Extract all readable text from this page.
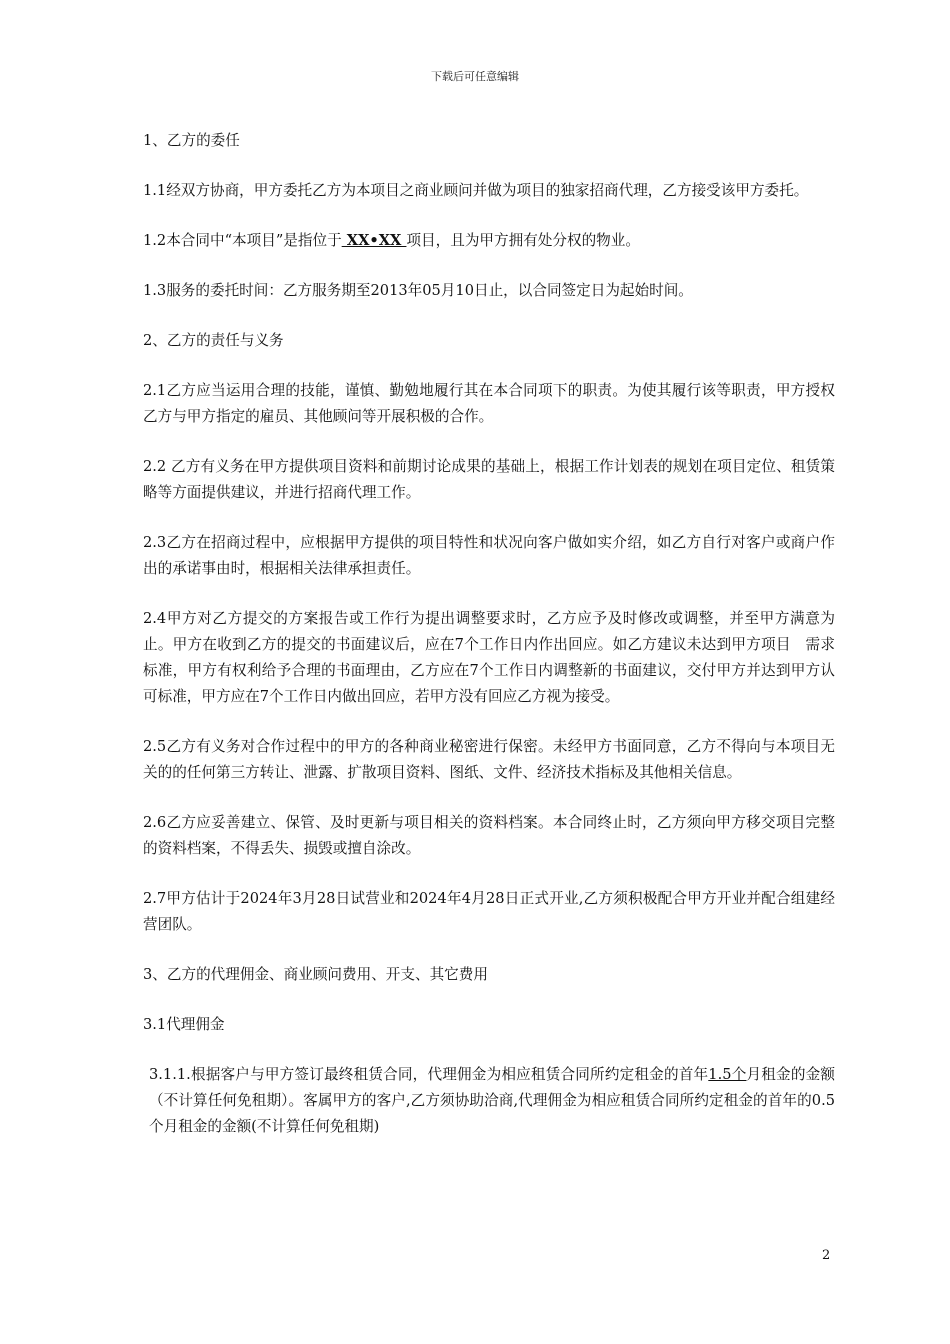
下载后可任意编辑

1、乙方的委任

1.1经双方协商，甲方委托乙方为本项目之商业顾问并做为项目的独家招商代理，乙方接受该甲方委托。

1.2本合同中“本项目”是指位于 XX•XX 项目，且为甲方拥有处分权的物业。

1.3服务的委托时间：乙方服务期至2013年05月10日止，以合同签定日为起始时间。

2、乙方的责任与义务

2.1乙方应当运用合理的技能，谨慎、勤勉地履行其在本合同项下的职责。为使其履行该等职责，甲方授权乙方与甲方指定的雇员、其他顾问等开展积极的合作。

2.2 乙方有义务在甲方提供项目资料和前期讨论成果的基础上，根据工作计划表的规划在项目定位、租赁策略等方面提供建议，并进行招商代理工作。

2.3乙方在招商过程中，应根据甲方提供的项目特性和状况向客户做如实介绍，如乙方自行对客户或商户作出的承诺事由时，根据相关法律承担责任。

2.4甲方对乙方提交的方案报告或工作行为提出调整要求时，乙方应予及时修改或调整，并至甲方满意为止。甲方在收到乙方的提交的书面建议后，应在7个工作日内作出回应。如乙方建议未达到甲方项目　需求标准，甲方有权利给予合理的书面理由，乙方应在7个工作日内调整新的书面建议，交付甲方并达到甲方认可标准，甲方应在7个工作日内做出回应，若甲方没有回应乙方视为接受。

2.5乙方有义务对合作过程中的甲方的各种商业秘密进行保密。未经甲方书面同意，乙方不得向与本项目无关的的任何第三方转让、泄露、扩散项目资料、图纸、文件、经济技术指标及其他相关信息。

2.6乙方应妥善建立、保管、及时更新与项目相关的资料档案。本合同终止时，乙方须向甲方移交项目完整的资料档案，不得丢失、损毁或擅自涂改。

2.7甲方估计于2024年3月28日试营业和2024年4月28日正式开业,乙方须积极配合甲方开业并配合组建经营团队。

3、乙方的代理佣金、商业顾问费用、开支、其它费用

3.1代理佣金

3.1.1.根据客户与甲方签订最终租赁合同，代理佣金为相应租赁合同所约定租金的首年1.5个月租金的金额（不计算任何免租期）。客属甲方的客户,乙方须协助洽商,代理佣金为相应租赁合同所约定租金的首年的0.5个月租金的金额(不计算任何免租期)

2
